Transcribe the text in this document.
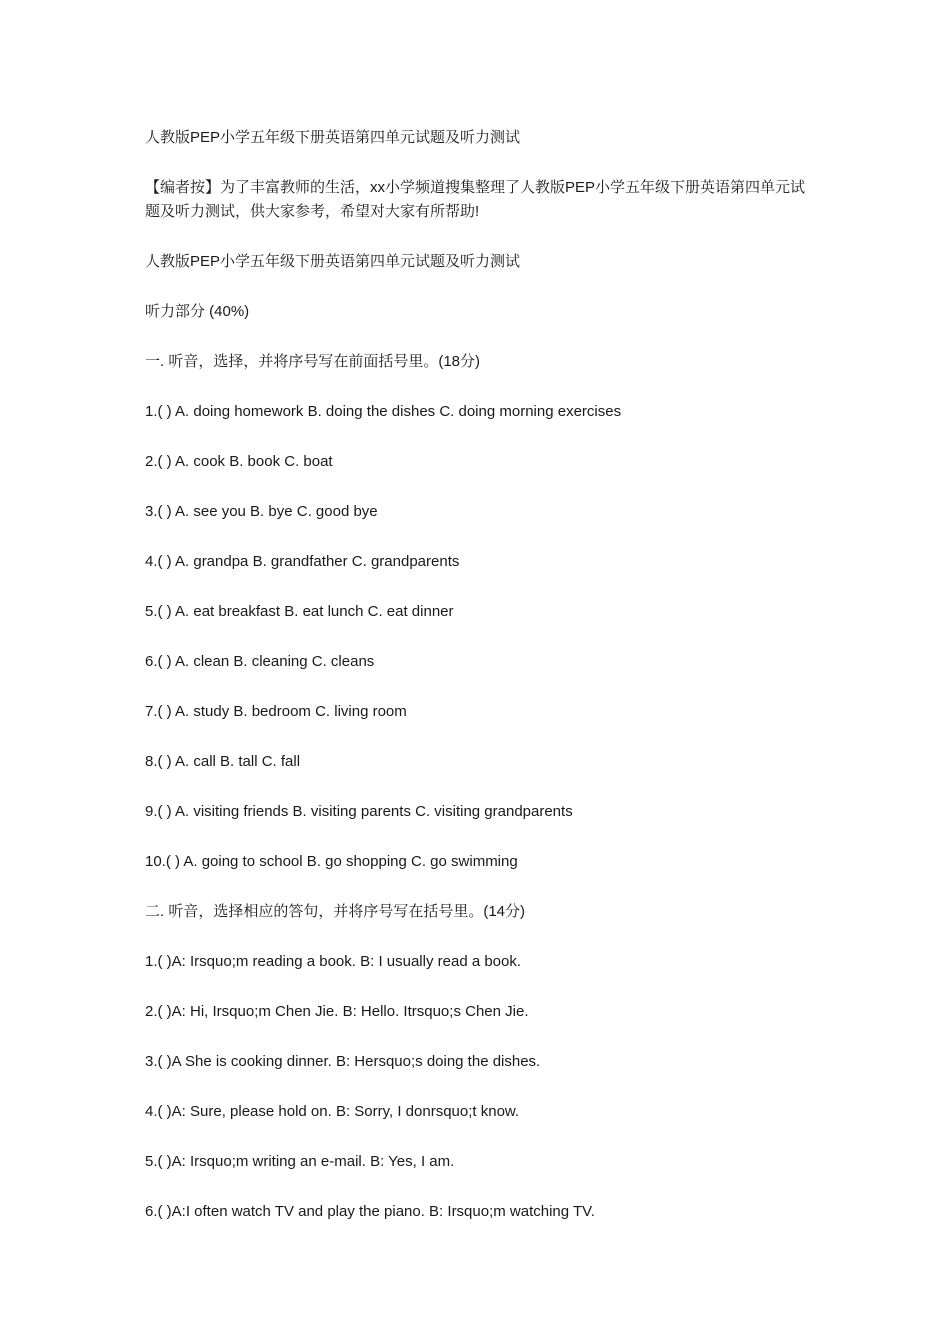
人教版PEP小学五年级下册英语第四单元试题及听力测试

【编者按】为了丰富教师的生活，xx小学频道搜集整理了人教版PEP小学五年级下册英语第四单元试题及听力测试，供大家参考，希望对大家有所帮助!

人教版PEP小学五年级下册英语第四单元试题及听力测试

听力部分 (40%)

一. 听音，选择，并将序号写在前面括号里。(18分)

1.( ) A. doing homework B. doing the dishes C. doing morning exercises

2.( ) A. cook B. book C. boat

3.( ) A. see you B. bye C. good bye

4.( ) A. grandpa B. grandfather C. grandparents

5.( ) A. eat breakfast B. eat lunch C. eat dinner

6.( ) A. clean B. cleaning C. cleans

7.( ) A. study B. bedroom C. living room

8.( ) A. call B. tall C. fall

9.( ) A. visiting friends B. visiting parents C. visiting grandparents

10.( ) A. going to school B. go shopping C. go swimming

二. 听音，选择相应的答句，并将序号写在括号里。(14分)

1.( )A: Irsquo;m reading a book. B: I usually read a book.

2.( )A: Hi, Irsquo;m Chen Jie. B: Hello. Itrsquo;s Chen Jie.

3.( )A She is cooking dinner. B: Hersquo;s doing the dishes.

4.( )A: Sure, please hold on. B: Sorry, I donrsquo;t know.

5.( )A: Irsquo;m writing an e-mail. B: Yes, I am.

6.( )A:I often watch TV and play the piano. B: Irsquo;m watching TV.
